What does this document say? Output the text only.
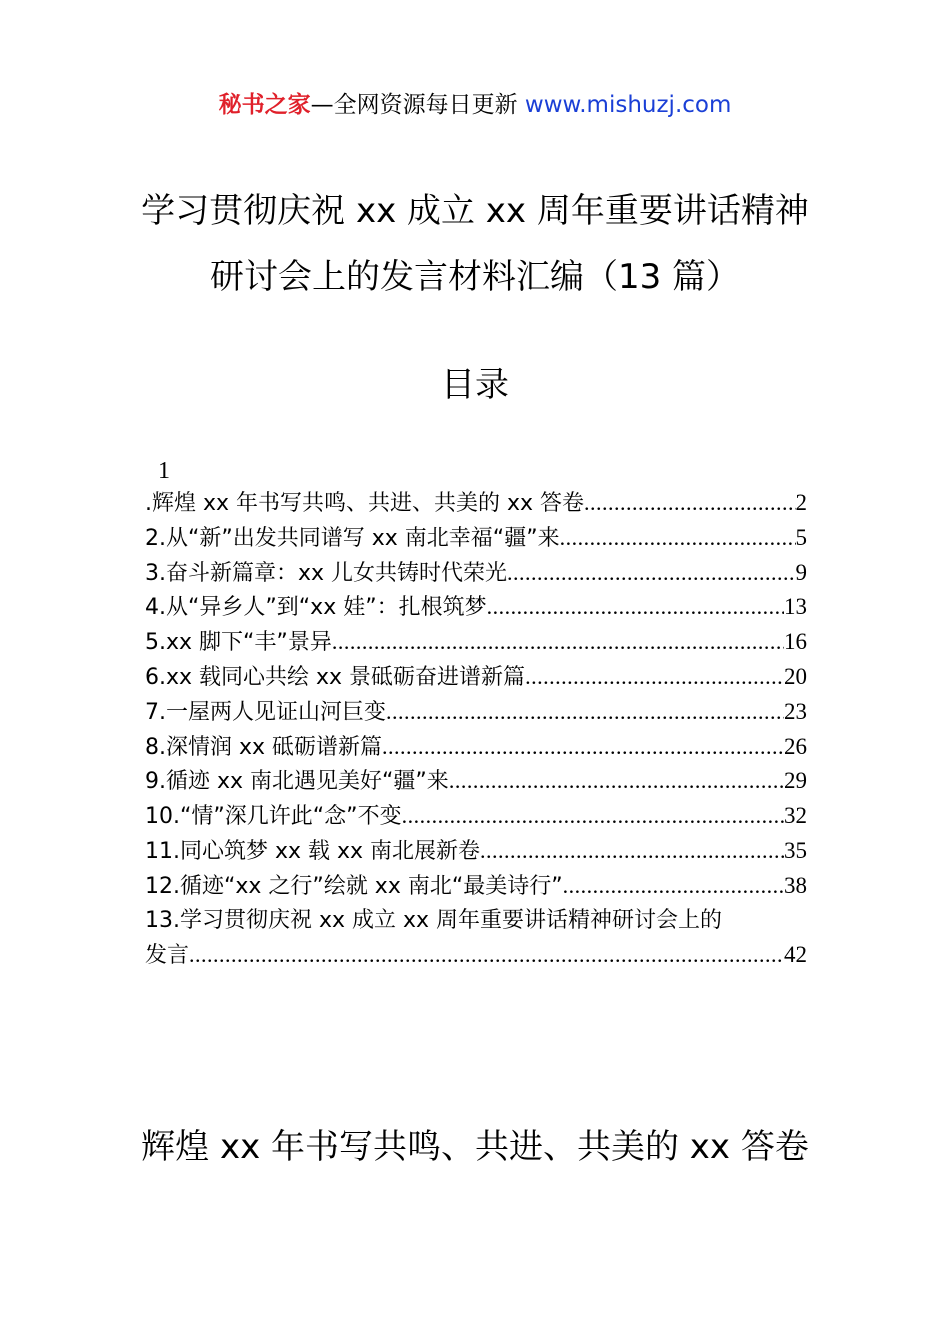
秘书之家—全网资源每日更新 www.mishuzj.com
学习贯彻庆祝 xx 成立 xx 周年重要讲话精神
研讨会上的发言材料汇编（13 篇）
目录
1
.辉煌 xx 年书写共鸣、共进、共美的 xx 答卷 .....	2
2.从“新”出发共同谱写 xx 南北幸福“疆”来 .....	5
3.奋斗新篇章：xx 儿女共铸时代荣光 .....	9
4.从“异乡人”到“xx 娃”：扎根筑梦 .....	13
5.xx 脚下“丰”景异 .....	16
6.xx 载同心共绘 xx 景砥砺奋进谱新篇 .....	20
7.一屋两人见证山河巨变 .....	23
8.深情润 xx 砥砺谱新篇 .....	26
9.循迹 xx 南北遇见美好“疆”来 .....	29
10.“情”深几许此“念”不变 .....	32
11.同心筑梦 xx 载 xx 南北展新卷 .....	35
12.循迹“xx 之行”绘就 xx 南北“最美诗行” .....	38
13.学习贯彻庆祝 xx 成立 xx 周年重要讲话精神研讨会上的
发言 .....	42
辉煌 xx 年书写共鸣、共进、共美的 xx 答卷
